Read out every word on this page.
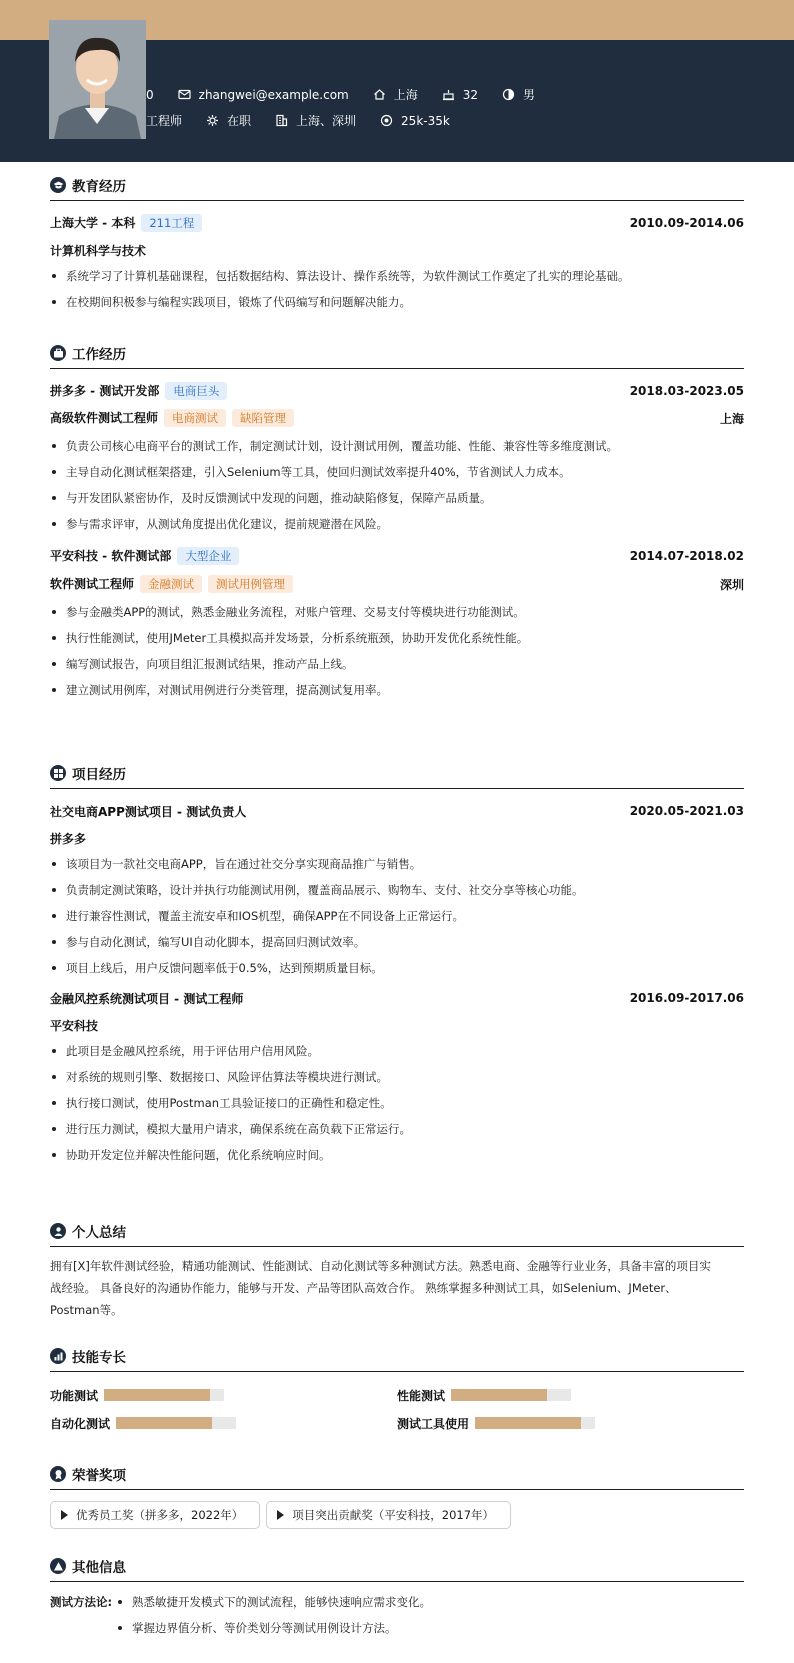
0	zhangwei@example.com	上海	32	男
工程师	在职	上海、深圳	25k-35k
教育经历
上海大学 - 本科 211工程	2010.09-2014.06
计算机科学与技术
系统学习了计算机基础课程，包括数据结构、算法设计、操作系统等，为软件测试工作奠定了扎实的理论基础。
在校期间积极参与编程实践项目，锻炼了代码编写和问题解决能力。
工作经历
拼多多 - 测试开发部 电商巨头	2018.03-2023.05
高级软件测试工程师 电商测试 缺陷管理	上海
负责公司核心电商平台的测试工作，制定测试计划，设计测试用例，覆盖功能、性能、兼容性等多维度测试。
主导自动化测试框架搭建，引入Selenium等工具，使回归测试效率提升40%，节省测试人力成本。
与开发团队紧密协作，及时反馈测试中发现的问题，推动缺陷修复，保障产品质量。
参与需求评审，从测试角度提出优化建议，提前规避潜在风险。
平安科技 - 软件测试部 大型企业	2014.07-2018.02
软件测试工程师 金融测试 测试用例管理	深圳
参与金融类APP的测试，熟悉金融业务流程，对账户管理、交易支付等模块进行功能测试。
执行性能测试，使用JMeter工具模拟高并发场景，分析系统瓶颈，协助开发优化系统性能。
编写测试报告，向项目组汇报测试结果，推动产品上线。
建立测试用例库，对测试用例进行分类管理，提高测试复用率。
项目经历
社交电商APP测试项目 - 测试负责人	2020.05-2021.03
拼多多
该项目为一款社交电商APP，旨在通过社交分享实现商品推广与销售。
负责制定测试策略，设计并执行功能测试用例，覆盖商品展示、购物车、支付、社交分享等核心功能。
进行兼容性测试，覆盖主流安卓和IOS机型，确保APP在不同设备上正常运行。
参与自动化测试，编写UI自动化脚本，提高回归测试效率。
项目上线后，用户反馈问题率低于0.5%，达到预期质量目标。
金融风控系统测试项目 - 测试工程师	2016.09-2017.06
平安科技
此项目是金融风控系统，用于评估用户信用风险。
对系统的规则引擎、数据接口、风险评估算法等模块进行测试。
执行接口测试，使用Postman工具验证接口的正确性和稳定性。
进行压力测试，模拟大量用户请求，确保系统在高负载下正常运行。
协助开发定位并解决性能问题，优化系统响应时间。
个人总结
拥有[X]年软件测试经验，精通功能测试、性能测试、自动化测试等多种测试方法。熟悉电商、金融等行业业务，具备丰富的项目实
战经验。 具备良好的沟通协作能力，能够与开发、产品等团队高效合作。 熟练掌握多种测试工具，如Selenium、JMeter、
Postman等。
技能专长
功能测试	性能测试
自动化测试	测试工具使用
荣誉奖项
优秀员工奖（拼多多，2022年）	项目突出贡献奖（平安科技，2017年）
其他信息
测试方法论:	熟悉敏捷开发模式下的测试流程，能够快速响应需求变化。
掌握边界值分析、等价类划分等测试用例设计方法。
